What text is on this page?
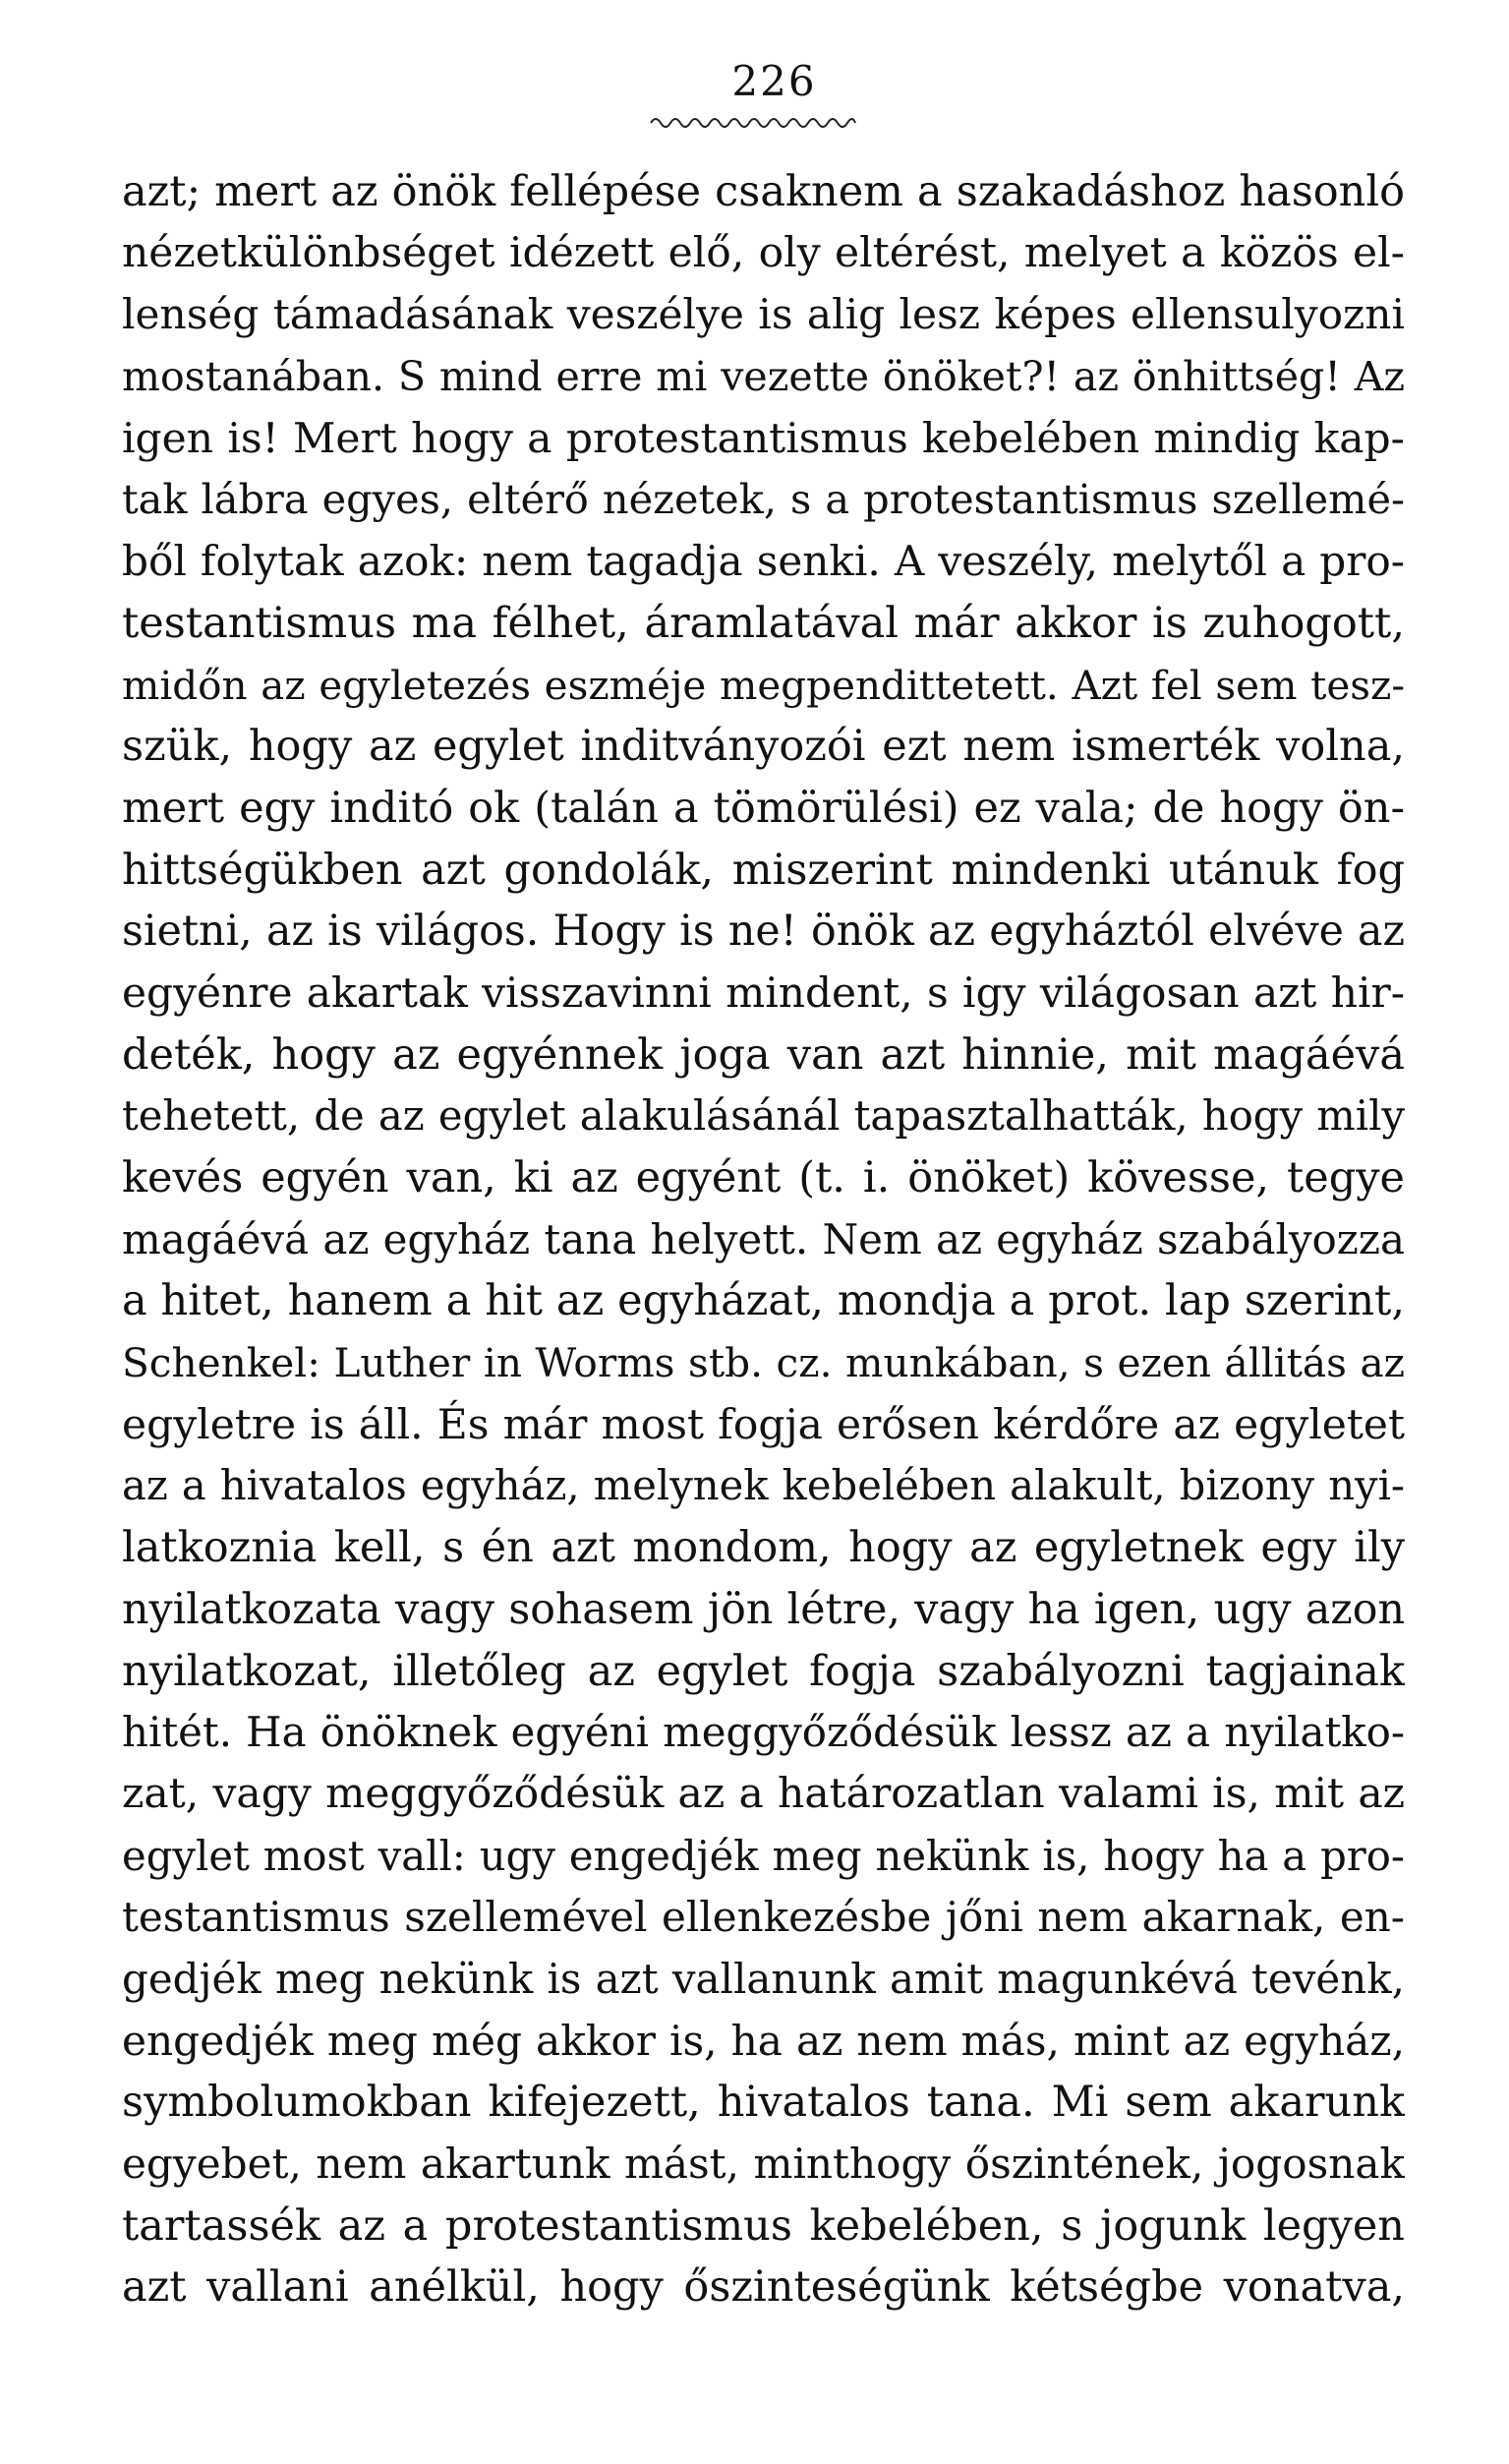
226
azt; mert az önök fellépése csaknem a szakadáshoz hasonló
nézetkülönbséget idézett elő, oly eltérést, melyet a közös el-
lenség támadásának veszélye is alig lesz képes ellensulyozni
mostanában. S mind erre mi vezette önöket?! az önhittség! Az
igen is! Mert hogy a protestantismus kebelében mindig kap-
tak lábra egyes, eltérő nézetek, s a protestantismus szellemé-
ből folytak azok: nem tagadja senki. A veszély, melytől a pro-
testantismus ma félhet, áramlatával már akkor is zuhogott,
midőn az egyletezés eszméje megpendittetett. Azt fel sem tesz-
szük, hogy az egylet inditványozói ezt nem ismerték volna,
mert egy inditó ok (talán a tömörülési) ez vala; de hogy ön-
hittségükben azt gondolák, miszerint mindenki utánuk fog
sietni, az is világos. Hogy is ne! önök az egyháztól elvéve az
egyénre akartak visszavinni mindent, s igy világosan azt hir-
deték, hogy az egyénnek joga van azt hinnie, mit magáévá
tehetett, de az egylet alakulásánál tapasztalhatták, hogy mily
kevés egyén van, ki az egyént (t. i. önöket) kövesse, tegye
magáévá az egyház tana helyett. Nem az egyház szabályozza
a hitet, hanem a hit az egyházat, mondja a prot. lap szerint,
Schenkel: Luther in Worms stb. cz. munkában, s ezen állitás az
egyletre is áll. És már most fogja erősen kérdőre az egyletet
az a hivatalos egyház, melynek kebelében alakult, bizony nyi-
latkoznia kell, s én azt mondom, hogy az egyletnek egy ily
nyilatkozata vagy sohasem jön létre, vagy ha igen, ugy azon
nyilatkozat, illetőleg az egylet fogja szabályozni tagjainak
hitét. Ha önöknek egyéni meggyőződésük lessz az a nyilatko-
zat, vagy meggyőződésük az a határozatlan valami is, mit az
egylet most vall: ugy engedjék meg nekünk is, hogy ha a pro-
testantismus szellemével ellenkezésbe jőni nem akarnak, en-
gedjék meg nekünk is azt vallanunk amit magunkévá tevénk,
engedjék meg még akkor is, ha az nem más, mint az egyház,
symbolumokban kifejezett, hivatalos tana. Mi sem akarunk
egyebet, nem akartunk mást, minthogy őszintének, jogosnak
tartassék az a protestantismus kebelében, s jogunk legyen
azt vallani anélkül, hogy őszinteségünk kétségbe vonatva,
